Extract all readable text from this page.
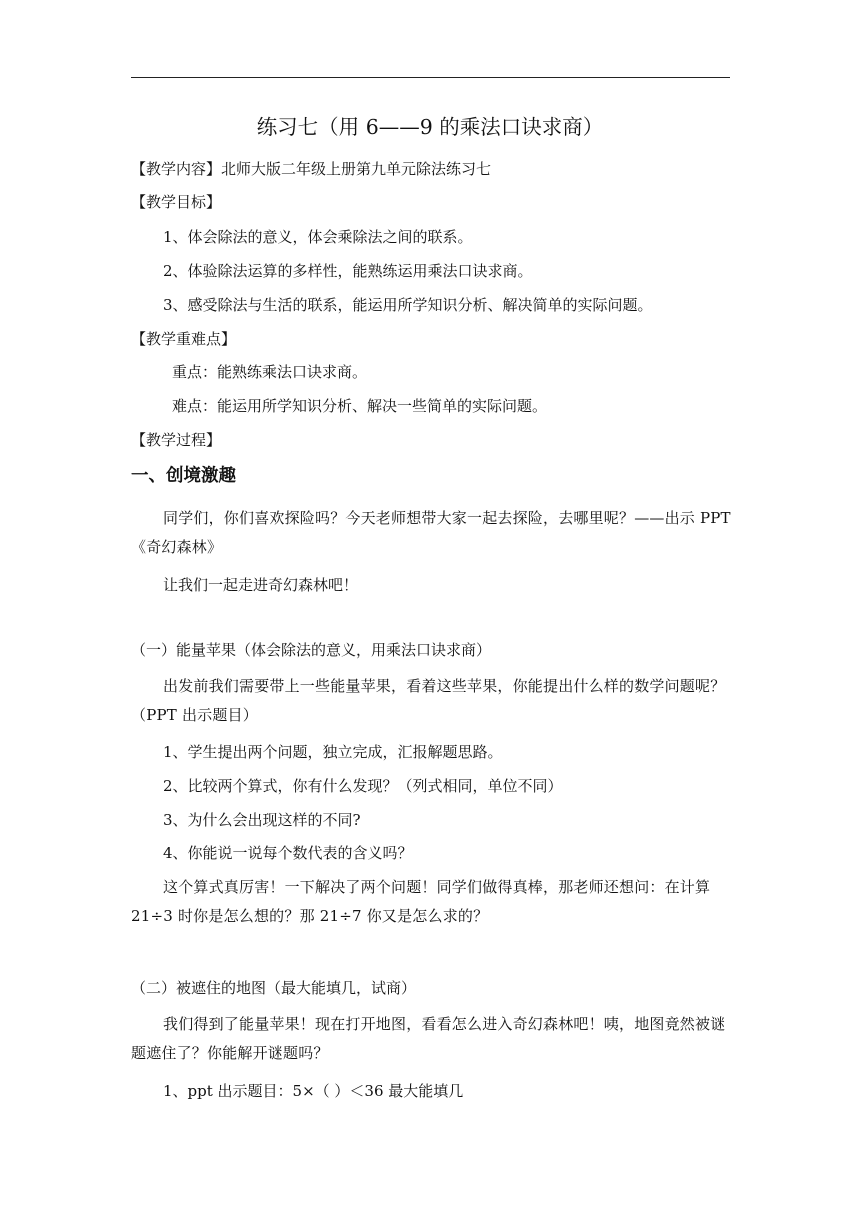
练习七（用 6——9 的乘法口诀求商）
【教学内容】北师大版二年级上册第九单元除法练习七
【教学目标】
1、体会除法的意义，体会乘除法之间的联系。
2、体验除法运算的多样性，能熟练运用乘法口诀求商。
3、感受除法与生活的联系，能运用所学知识分析、解决简单的实际问题。
【教学重难点】
重点：能熟练乘法口诀求商。
难点：能运用所学知识分析、解决一些简单的实际问题。
【教学过程】
一、创境激趣
同学们，你们喜欢探险吗？今天老师想带大家一起去探险，去哪里呢？——出示 PPT《奇幻森林》
让我们一起走进奇幻森林吧！
（一）能量苹果（体会除法的意义，用乘法口诀求商）
出发前我们需要带上一些能量苹果，看着这些苹果，你能提出什么样的数学问题呢？（PPT 出示题目）
1、学生提出两个问题，独立完成，汇报解题思路。
2、比较两个算式，你有什么发现？（列式相同，单位不同）
3、为什么会出现这样的不同?
4、你能说一说每个数代表的含义吗？
这个算式真厉害！一下解决了两个问题！同学们做得真棒，那老师还想问：在计算 21÷3 时你是怎么想的？那 21÷7 你又是怎么求的？
（二）被遮住的地图（最大能填几，试商）
我们得到了能量苹果！现在打开地图，看看怎么进入奇幻森林吧！咦，地图竟然被谜题遮住了？你能解开谜题吗？
1、ppt 出示题目：5×（ ）＜36 最大能填几
